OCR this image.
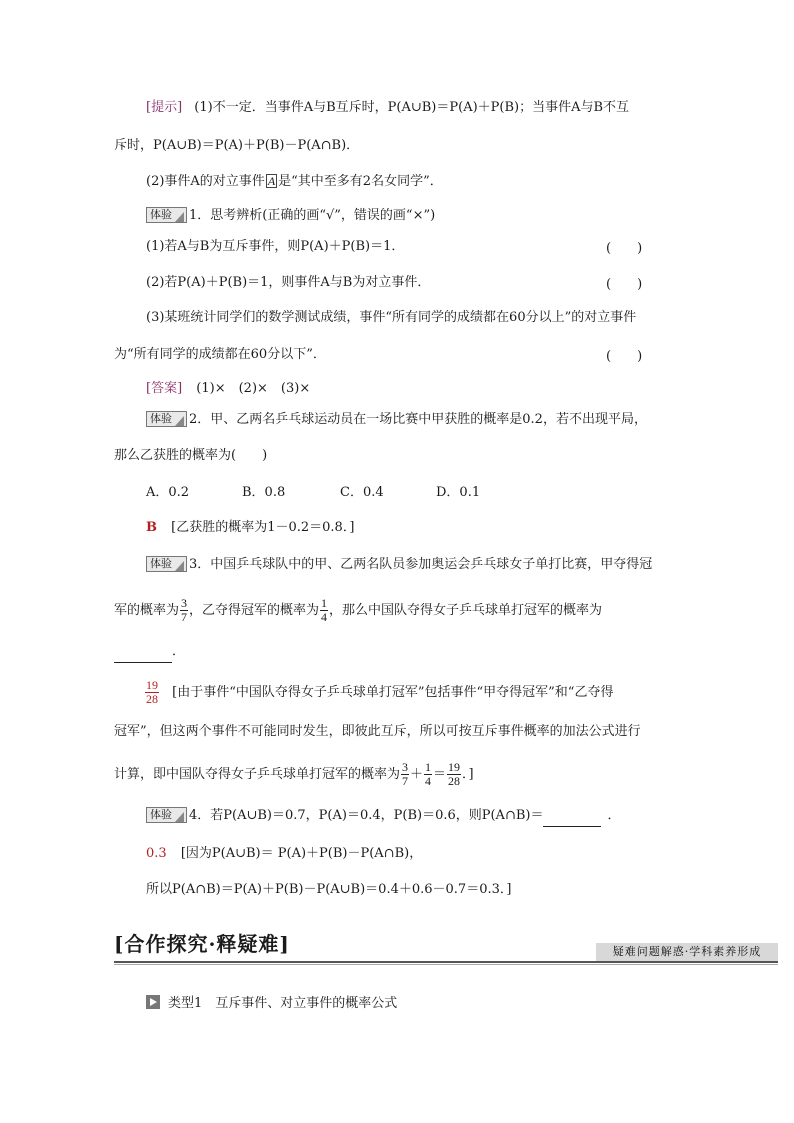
[提示] (1)不一定．当事件A与B互斥时，P(A∪B)＝P(A)＋P(B)；当事件A与B不互
斥时，P(A∪B)＝P(A)＋P(B)－P(A∩B)．
(2)事件A的对立事件 A 是“其中至多有2名女同学”．
体验 1．思考辨析(正确的画“√”，错误的画“×”)
(1)若A与B为互斥事件，则P(A)＋P(B)＝1．	(　　)
(2)若P(A)＋P(B)＝1，则事件A与B为对立事件．	(　　)
(3)某班统计同学们的数学测试成绩，事件“所有同学的成绩都在60分以上”的对立事件
为“所有同学的成绩都在60分以下”．	(　　)
[答案] (1)×　(2)×　(3)×
体验 2．甲、乙两名乒乓球运动员在一场比赛中甲获胜的概率是0.2，若不出现平局，
那么乙获胜的概率为(　　)
A．0.2	B．0.8	C．0.4	D．0.1
B [乙获胜的概率为1－0.2＝0.8．]
体验 3．中国乒乓球队中的甲、乙两名队员参加奥运会乒乓球女子单打比赛，甲夺得冠
军的概率为 $\frac{3}{7}$ ，乙夺得冠军的概率为 $\frac{1}{4}$ ，那么中国队夺得女子乒乓球单打冠军的概率为
．
$\frac{19}{28}$ [由于事件“中国队夺得女子乒乓球单打冠军”包括事件“甲夺得冠军”和“乙夺得
冠军”，但这两个事件不可能同时发生，即彼此互斥，所以可按互斥事件概率的加法公式进行
计算，即中国队夺得女子乒乓球单打冠军的概率为 $\frac{3}{7} + \frac{1}{4} = \frac{19}{28}$ ．]
体验 4．若P(A∪B)＝0.7，P(A)＝0.4，P(B)＝0.6，则P(A∩B)＝	．
0.3 [因为P(A∪B)＝ P(A)＋P(B)－P(A∩B)，
所以P(A∩B)＝P(A)＋P(B)－P(A∪B)＝0.4＋0.6－0.7＝0.3．]
[合作探究·释疑难]	疑难问题解惑·学科素养形成
类型1　互斥事件、对立事件的概率公式
